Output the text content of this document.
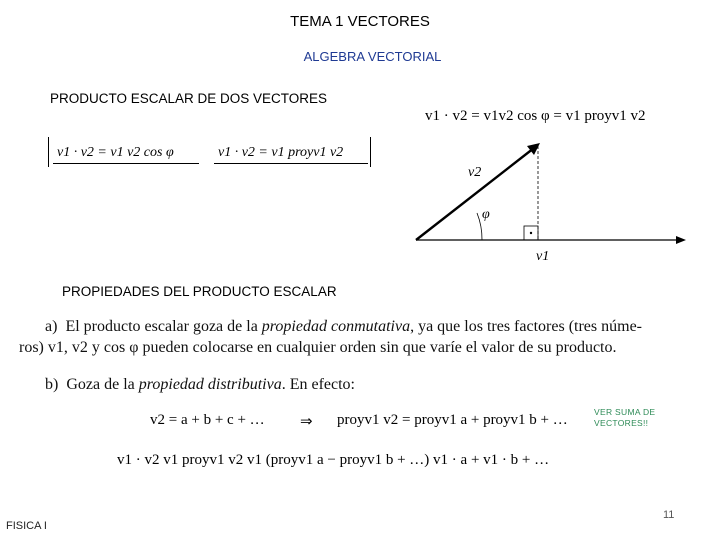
TEMA 1 VECTORES
ALGEBRA VECTORIAL
PRODUCTO ESCALAR DE DOS VECTORES
v1 · v2 = v1 v2 cos φ	v1 · v2 = v1 proyv1 v2
v1 · v2 = v1v2 cos φ = v1 proyv1 v2
φ
v2
v1
PROPIEDADES DEL PRODUCTO ESCALAR
a) El producto escalar goza de la propiedad conmutativa, ya que los tres factores (tres núme-
ros) v1, v2 y cos φ pueden colocarse en cualquier orden sin que varíe el valor de su producto.
b) Goza de la propiedad distributiva. En efecto:
v2 = a + b + c + … ⇒ proyv1 v2 = proyv1 a + proyv1 b + …	VER SUMA DE
VECTORES!!
v1 · v2 v1 proyv1 v2 v1 (proyv1 a − proyv1 b + …) v1 · a + v1 · b + …
FISICA I
11
